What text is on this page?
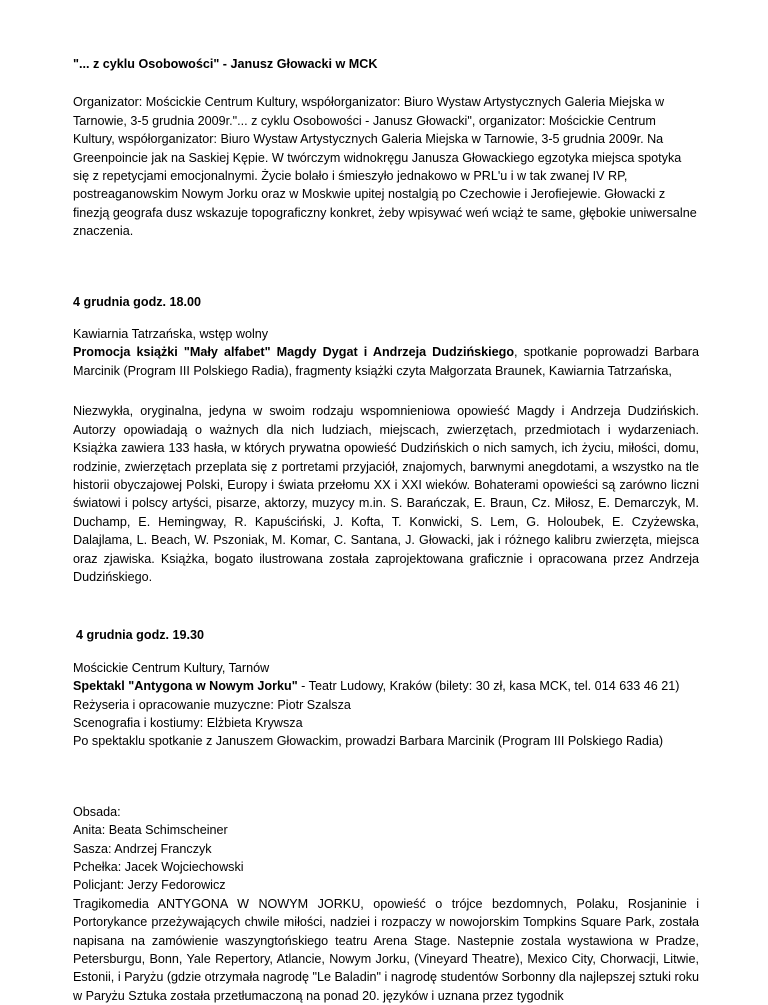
"... z cyklu Osobowości" - Janusz Głowacki w MCK

Organizator: Mościckie Centrum Kultury, współorganizator: Biuro Wystaw Artystycznych Galeria Miejska w Tarnowie, 3-5 grudnia 2009r."... z cyklu Osobowości - Janusz Głowacki", organizator: Mościckie Centrum Kultury, współorganizator: Biuro Wystaw Artystycznych Galeria Miejska w Tarnowie, 3-5 grudnia 2009r. Na Greenpoincie jak na Saskiej Kępie. W twórczym widnokręgu Janusza Głowackiego egzotyka miejsca spotyka się z repetycjami emocjonalnymi. Życie bolało i śmieszyło jednakowo w PRL'u i w tak zwanej IV RP, postreaganowskim Nowym Jorku oraz w Moskwie upitej nostalgią po Czechowie i Jerofiejewie. Głowacki z finezją geografa dusz wskazuje topograficzny konkret, żeby wpisywać weń wciąż te same, głębokie uniwersalne znaczenia.

4 grudnia godz. 18.00

Kawiarnia Tatrzańska, wstęp wolny

Promocja książki "Mały alfabet" Magdy Dygat i Andrzeja Dudzińskiego, spotkanie poprowadzi Barbara Marcinik (Program III Polskiego Radia), fragmenty książki czyta Małgorzata Braunek, Kawiarnia Tatrzańska,

Niezwykła, oryginalna, jedyna w swoim rodzaju wspomnieniowa opowieść Magdy i Andrzeja Dudzińskich. Autorzy opowiadają o ważnych dla nich ludziach, miejscach, zwierzętach, przedmiotach i wydarzeniach. Książka zawiera 133 hasła, w których prywatna opowieść Dudzińskich o nich samych, ich życiu, miłości, domu, rodzinie, zwierzętach przeplata się z portretami przyjaciół, znajomych, barwnymi anegdotami, a wszystko na tle historii obyczajowej Polski, Europy i świata przełomu XX i XXI wieków. Bohaterami opowieści są zarówno liczni światowi i polscy artyści, pisarze, aktorzy, muzycy m.in. S. Barańczak, E. Braun, Cz. Miłosz, E. Demarczyk, M. Duchamp, E. Hemingway, R. Kapuściński, J. Kofta, T. Konwicki, S. Lem, G. Holoubek, E. Czyżewska, Dalajlama, L. Beach, W. Pszoniak, M. Komar, C. Santana, J. Głowacki, jak i różnego kalibru zwierzęta, miejsca oraz zjawiska. Książka, bogato ilustrowana została zaprojektowana graficznie i opracowana przez Andrzeja Dudzińskiego.

4 grudnia godz. 19.30

Mościckie Centrum Kultury, Tarnów

Spektakl "Antygona w Nowym Jorku" - Teatr Ludowy, Kraków (bilety: 30 zł, kasa MCK, tel. 014 633 46 21)

Reżyseria i opracowanie muzyczne: Piotr Szalsza

Scenografia i kostiumy: Elżbieta Krywsza

Po spektaklu spotkanie z Januszem Głowackim, prowadzi Barbara Marcinik (Program III Polskiego Radia)

Obsada:

Anita: Beata Schimscheiner

Sasza: Andrzej Franczyk

Pchełka: Jacek Wojciechowski

Policjant: Jerzy Fedorowicz

Tragikomedia ANTYGONA W NOWYM JORKU, opowieść o trójce bezdomnych, Polaku, Rosjaninie i Portorykance przeżywających chwile miłości, nadziei i rozpaczy w nowojorskim Tompkins Square Park, została napisana na zamówienie waszyngtońskiego teatru Arena Stage. Nastepnie zostala wystawiona w Pradze, Petersburgu, Bonn, Yale Repertory, Atlancie, Nowym Jorku, (Vineyard Theatre), Mexico City, Chorwacji, Litwie, Estonii, i Paryżu (gdzie otrzymała nagrodę "Le Baladin" i nagrodę studentów Sorbonny dla najlepszej sztuki roku w Paryżu Sztuka została przetłumaczoną na ponad 20. języków i uznana przez tygodnik
